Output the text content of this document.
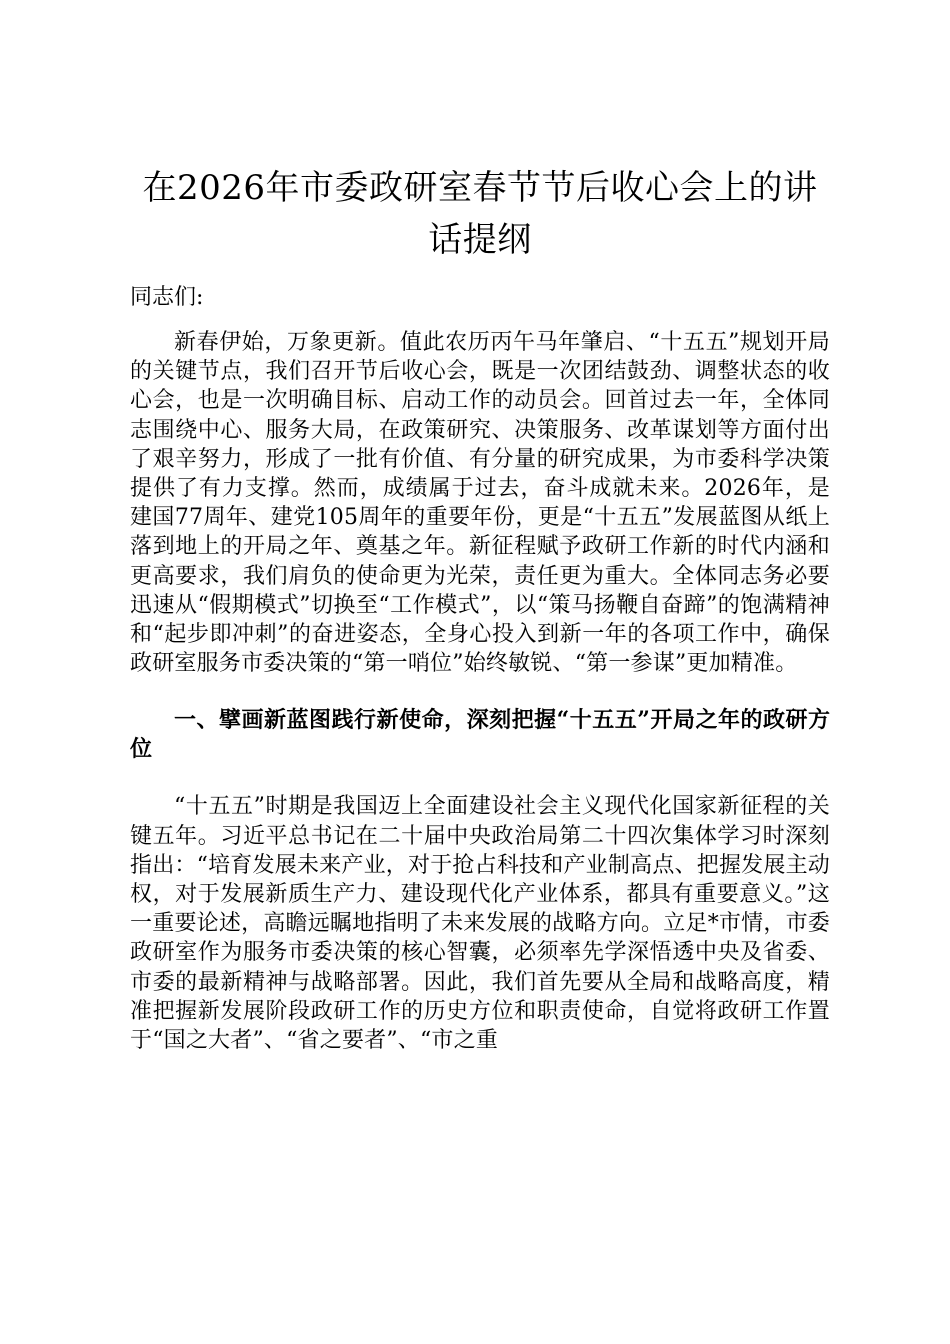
在2026年市委政研室春节节后收心会上的讲话提纲

同志们:

新春伊始，万象更新。值此农历丙午马年肇启、“十五五”规划开局的关键节点，我们召开节后收心会，既是一次团结鼓劲、调整状态的收心会，也是一次明确目标、启动工作的动员会。回首过去一年，全体同志围绕中心、服务大局，在政策研究、决策服务、改革谋划等方面付出了艰辛努力，形成了一批有价值、有分量的研究成果，为市委科学决策提供了有力支撑。然而，成绩属于过去，奋斗成就未来。2026年，是建国77周年、建党105周年的重要年份，更是“十五五”发展蓝图从纸上落到地上的开局之年、奠基之年。新征程赋予政研工作新的时代内涵和更高要求，我们肩负的使命更为光荣，责任更为重大。全体同志务必要迅速从“假期模式”切换至“工作模式”，以“策马扬鞭自奋蹄”的饱满精神和“起步即冲刺”的奋进姿态，全身心投入到新一年的各项工作中，确保政研室服务市委决策的“第一哨位”始终敏锐、“第一参谋”更加精准。

一、擘画新蓝图践行新使命，深刻把握“十五五”开局之年的政研方位

“十五五”时期是我国迈上全面建设社会主义现代化国家新征程的关键五年。习近平总书记在二十届中央政治局第二十四次集体学习时深刻指出：“培育发展未来产业，对于抢占科技和产业制高点、把握发展主动权，对于发展新质生产力、建设现代化产业体系，都具有重要意义。”这一重要论述，高瞻远瞩地指明了未来发展的战略方向。立足*市情，市委政研室作为服务市委决策的核心智囊，必须率先学深悟透中央及省委、市委的最新精神与战略部署。因此，我们首先要从全局和战略高度，精准把握新发展阶段政研工作的历史方位和职责使命，自觉将政研工作置于“国之大者”、“省之要者”、“市之重
